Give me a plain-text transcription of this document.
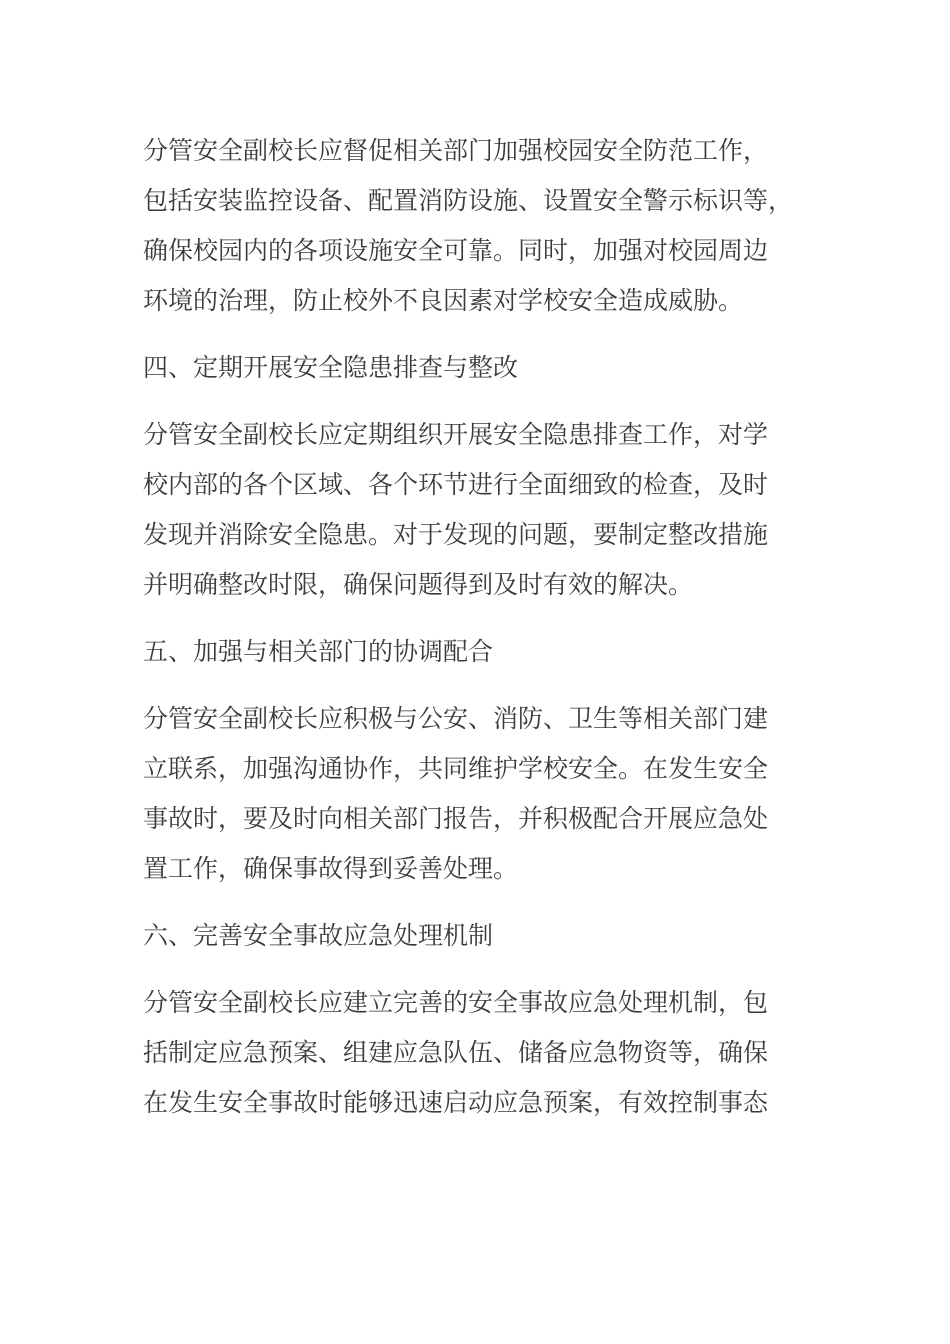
分管安全副校长应督促相关部门加强校园安全防范工作，
包括安装监控设备、配置消防设施、设置安全警示标识等，
确保校园内的各项设施安全可靠。同时，加强对校园周边
环境的治理，防止校外不良因素对学校安全造成威胁。
四、定期开展安全隐患排查与整改
分管安全副校长应定期组织开展安全隐患排查工作，对学
校内部的各个区域、各个环节进行全面细致的检查，及时
发现并消除安全隐患。对于发现的问题，要制定整改措施
并明确整改时限，确保问题得到及时有效的解决。
五、加强与相关部门的协调配合
分管安全副校长应积极与公安、消防、卫生等相关部门建
立联系，加强沟通协作，共同维护学校安全。在发生安全
事故时，要及时向相关部门报告，并积极配合开展应急处
置工作，确保事故得到妥善处理。
六、完善安全事故应急处理机制
分管安全副校长应建立完善的安全事故应急处理机制，包
括制定应急预案、组建应急队伍、储备应急物资等，确保
在发生安全事故时能够迅速启动应急预案，有效控制事态
